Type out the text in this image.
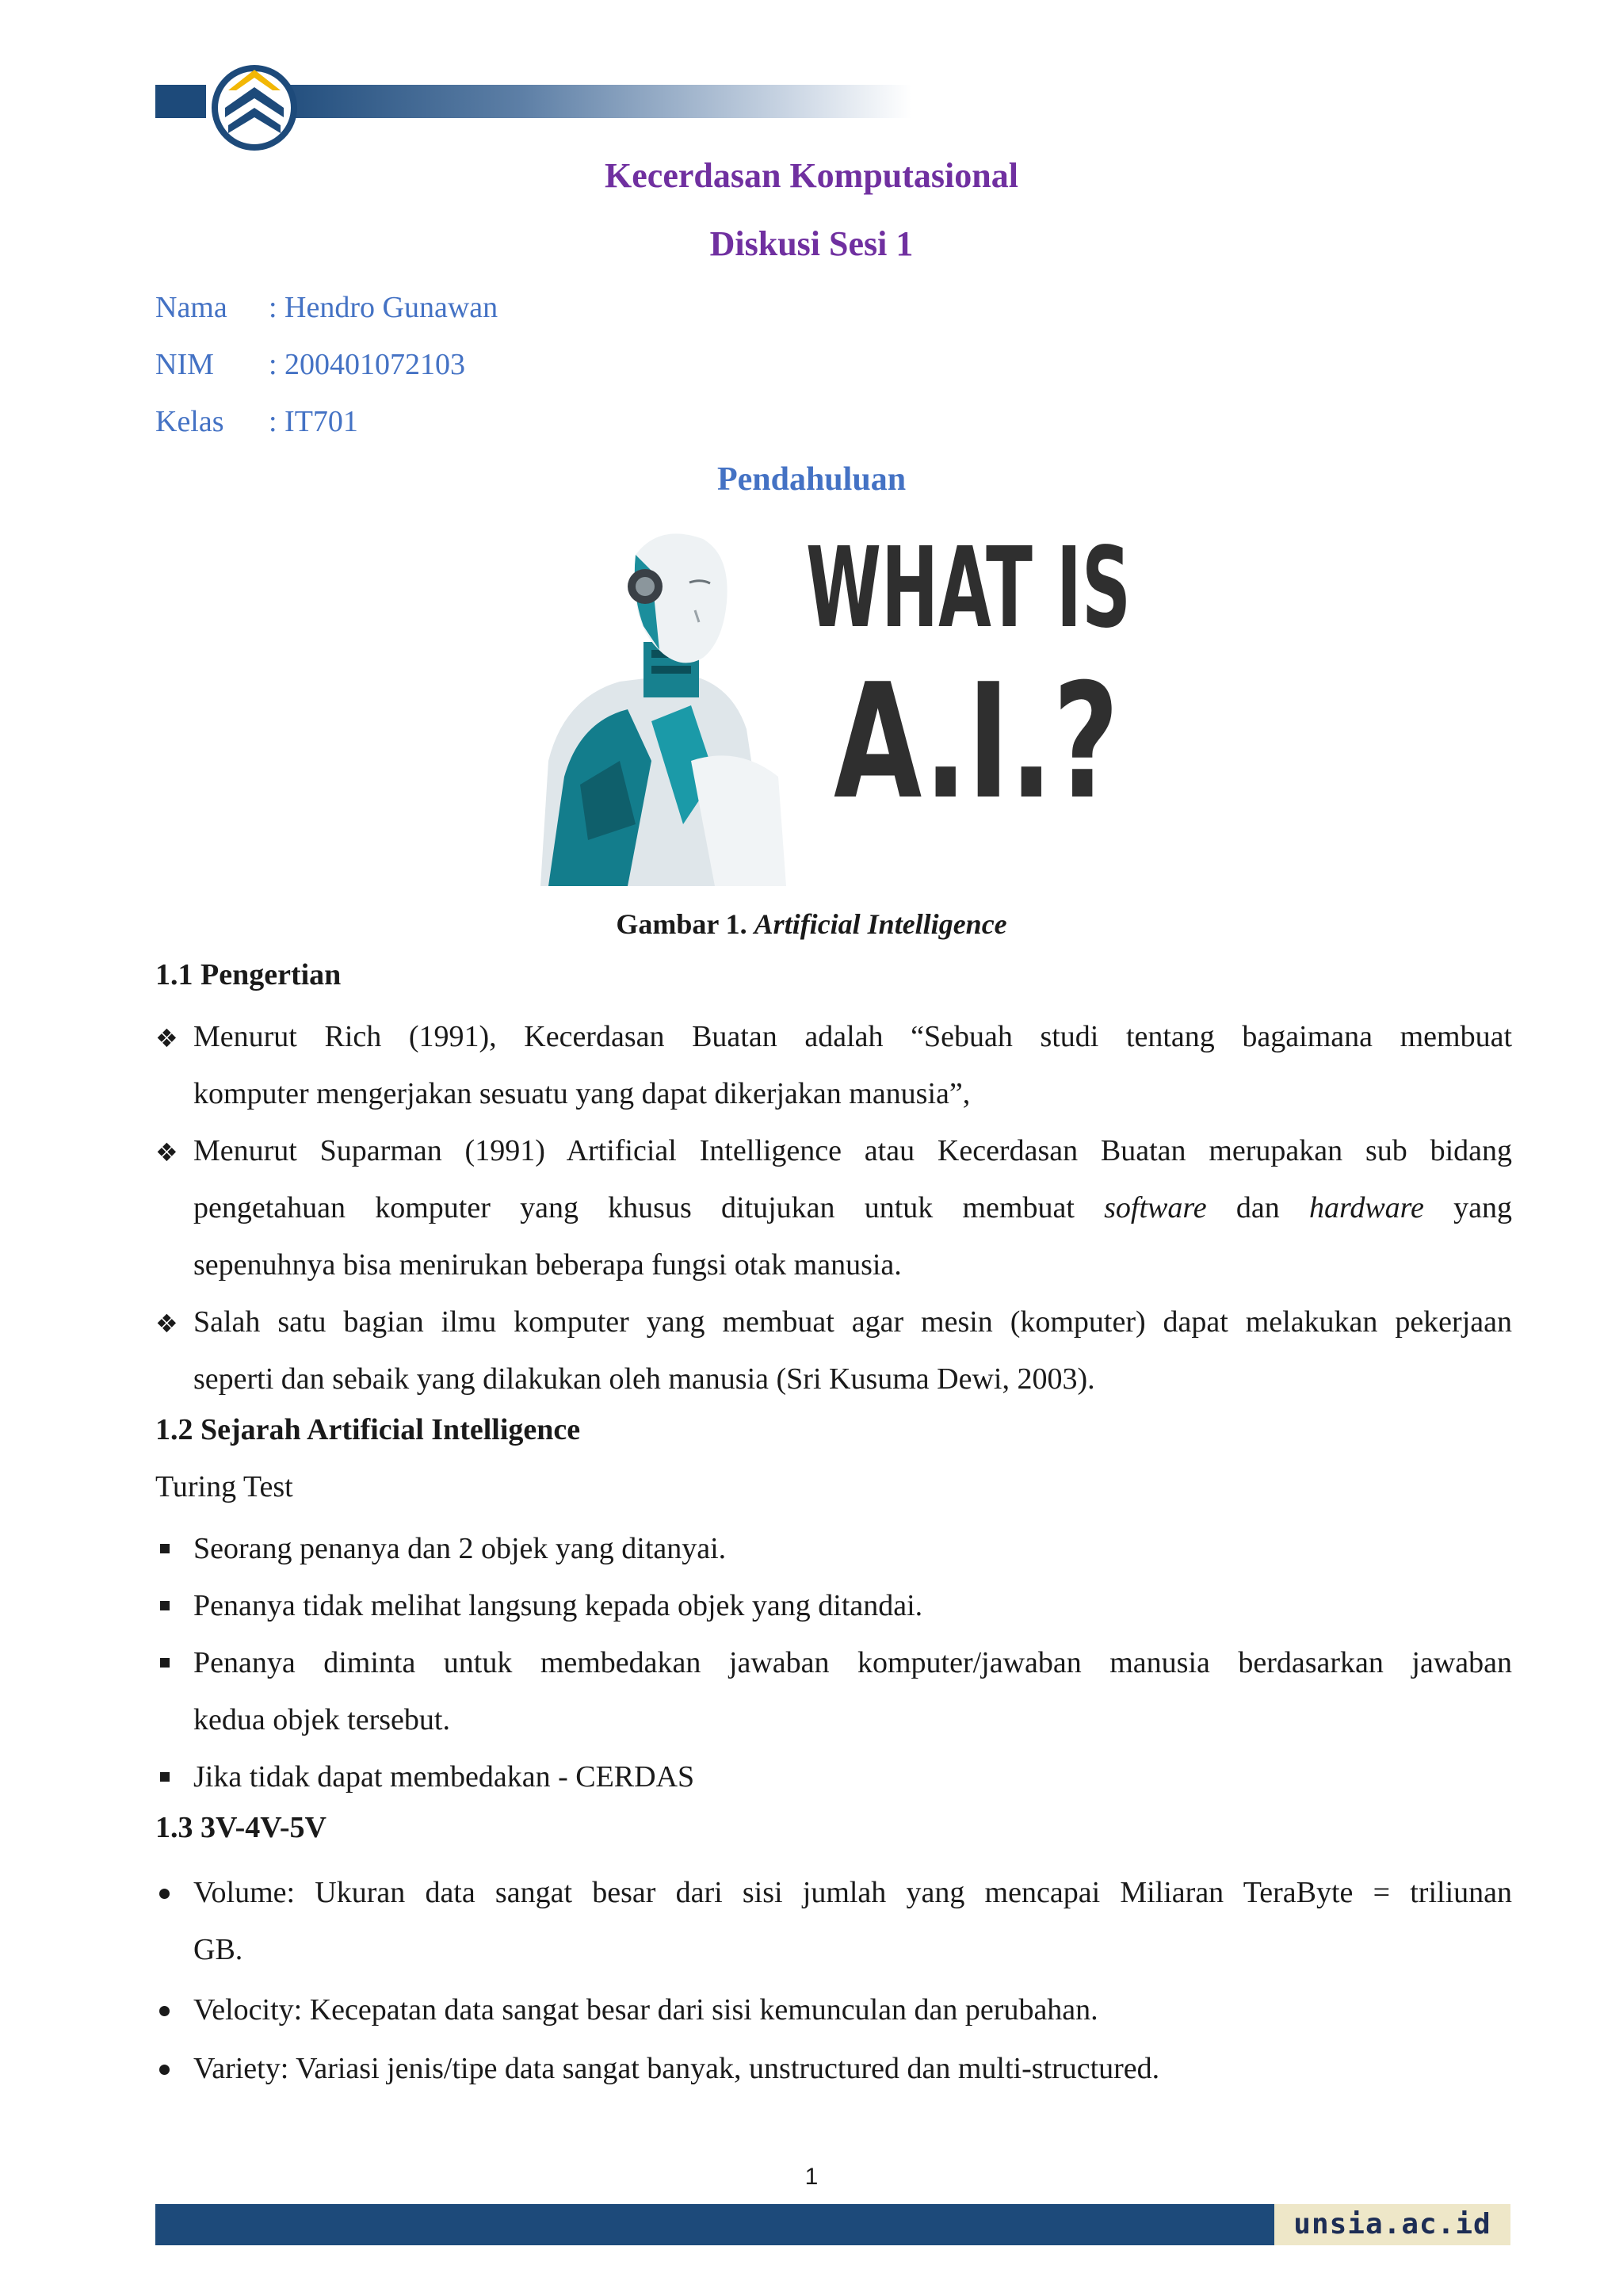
Kecerdasan Komputasional
Diskusi Sesi 1
Nama : Hendro Gunawan
NIM : 200401072103
Kelas : IT701
Pendahuluan
WHAT IS
A.I.?
Gambar 1. Artificial Intelligence
1.1 Pengertian
❖ Menurut Rich (1991), Kecerdasan Buatan adalah “Sebuah studi tentang bagaimana membuat
komputer mengerjakan sesuatu yang dapat dikerjakan manusia”,
❖ Menurut Suparman (1991) Artificial Intelligence atau Kecerdasan Buatan merupakan sub bidang
pengetahuan komputer yang khusus ditujukan untuk membuat software dan hardware yang
sepenuhnya bisa menirukan beberapa fungsi otak manusia.
❖ Salah satu bagian ilmu komputer yang membuat agar mesin (komputer) dapat melakukan pekerjaan
seperti dan sebaik yang dilakukan oleh manusia (Sri Kusuma Dewi, 2003).
1.2 Sejarah Artificial Intelligence
Turing Test
Seorang penanya dan 2 objek yang ditanyai.
Penanya tidak melihat langsung kepada objek yang ditandai.
Penanya diminta untuk membedakan jawaban komputer/jawaban manusia berdasarkan jawaban
kedua objek tersebut.
Jika tidak dapat membedakan - CERDAS
1.3 3V-4V-5V
Volume: Ukuran data sangat besar dari sisi jumlah yang mencapai Miliaran TeraByte = triliunan
GB.
Velocity: Kecepatan data sangat besar dari sisi kemunculan dan perubahan.
Variety: Variasi jenis/tipe data sangat banyak, unstructured dan multi-structured.
1
unsia.ac.id
